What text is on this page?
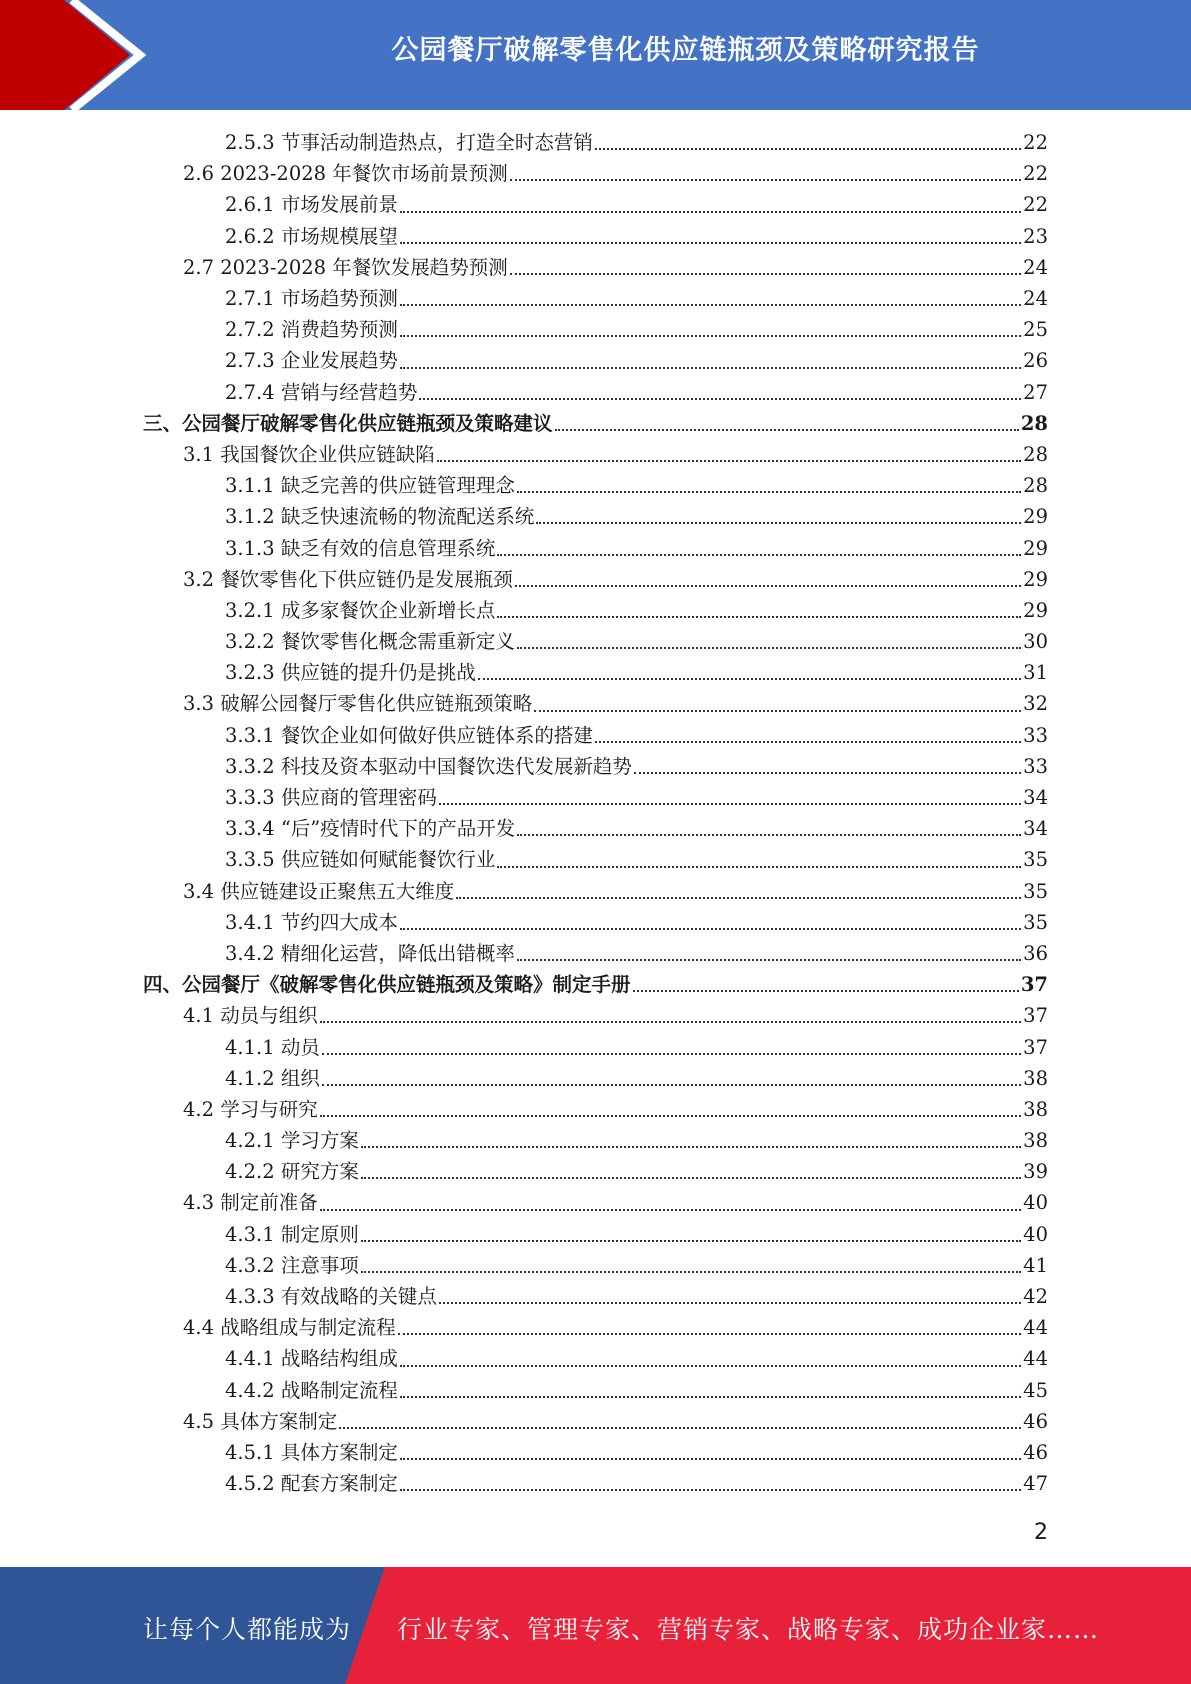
公园餐厅破解零售化供应链瓶颈及策略研究报告
2.5.3 节事活动制造热点，打造全时态营销	22
2.6 2023-2028 年餐饮市场前景预测	22
2.6.1 市场发展前景	22
2.6.2 市场规模展望	23
2.7 2023-2028 年餐饮发展趋势预测	24
2.7.1 市场趋势预测	24
2.7.2 消费趋势预测	25
2.7.3 企业发展趋势	26
2.7.4 营销与经营趋势	27
三、公园餐厅破解零售化供应链瓶颈及策略建议	28
3.1 我国餐饮企业供应链缺陷	28
3.1.1 缺乏完善的供应链管理理念	28
3.1.2 缺乏快速流畅的物流配送系统	29
3.1.3 缺乏有效的信息管理系统	29
3.2 餐饮零售化下供应链仍是发展瓶颈	29
3.2.1 成多家餐饮企业新增长点	29
3.2.2 餐饮零售化概念需重新定义	30
3.2.3 供应链的提升仍是挑战	31
3.3 破解公园餐厅零售化供应链瓶颈策略	32
3.3.1 餐饮企业如何做好供应链体系的搭建	33
3.3.2 科技及资本驱动中国餐饮迭代发展新趋势	33
3.3.3 供应商的管理密码	34
3.3.4 “后”疫情时代下的产品开发	34
3.3.5 供应链如何赋能餐饮行业	35
3.4 供应链建设正聚焦五大维度	35
3.4.1 节约四大成本	35
3.4.2 精细化运营，降低出错概率	36
四、公园餐厅《破解零售化供应链瓶颈及策略》制定手册	37
4.1 动员与组织	37
4.1.1 动员	37
4.1.2 组织	38
4.2 学习与研究	38
4.2.1 学习方案	38
4.2.2 研究方案	39
4.3 制定前准备	40
4.3.1 制定原则	40
4.3.2 注意事项	41
4.3.3 有效战略的关键点	42
4.4 战略组成与制定流程	44
4.4.1 战略结构组成	44
4.4.2 战略制定流程	45
4.5 具体方案制定	46
4.5.1 具体方案制定	46
4.5.2 配套方案制定	47
2
让每个人都能成为 行业专家、管理专家、营销专家、战略专家、成功企业家……
